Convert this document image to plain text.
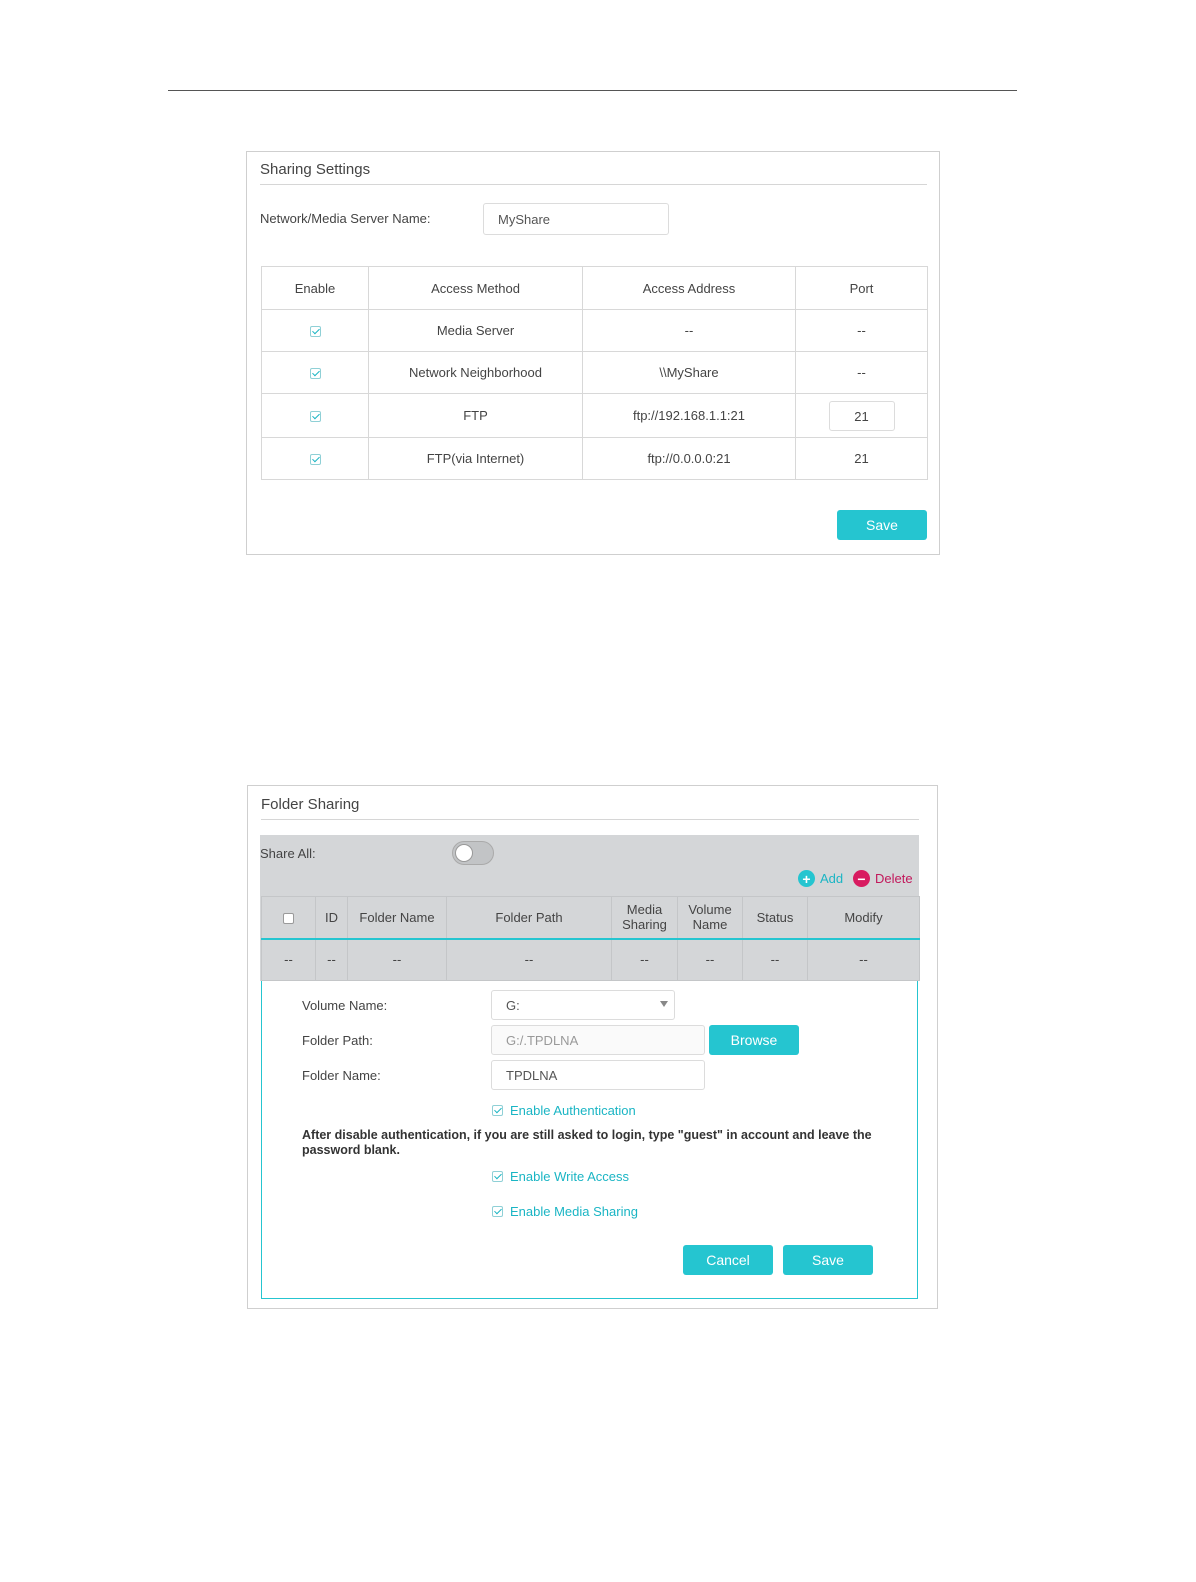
Sharing Settings
Network/Media Server Name:	MyShare
Enable	Access Method	Access Address	Port
	Media Server	--	--
	Network Neighborhood	\\MyShare	--
	FTP	ftp://192.168.1.1:21	21
	FTP(via Internet)	ftp://0.0.0.0:21	21
Save
Folder Sharing
Share All:
+ Add	− Delete
	ID	Folder Name	Folder Path	Media Sharing	Volume Name	Status	Modify
--	--	--	--	--	--	--	--
Volume Name:	G:
Folder Path:	G:/.TPDLNA	Browse
Folder Name:	TPDLNA
Enable Authentication
After disable authentication, if you are still asked to login, type "guest" in account and leave the password blank.
Enable Write Access
Enable Media Sharing
Cancel	Save
